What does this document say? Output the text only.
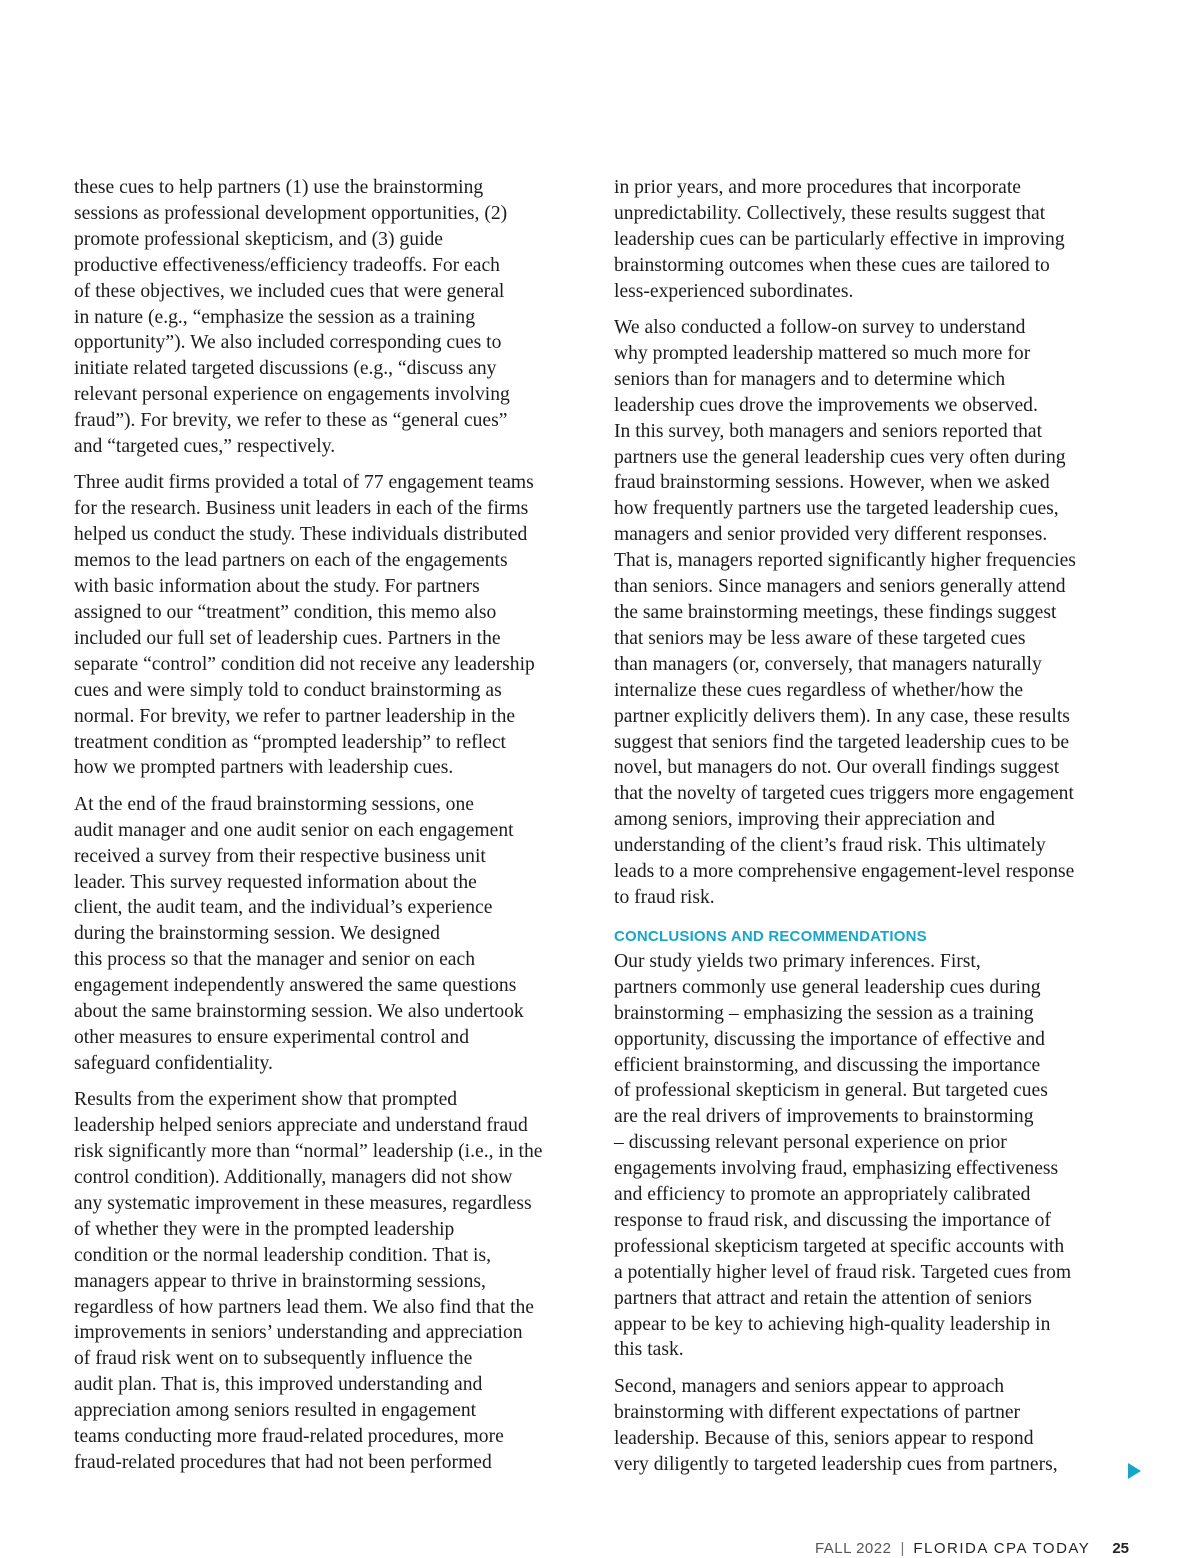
these cues to help partners (1) use the brainstorming
sessions as professional development opportunities, (2)
promote professional skepticism, and (3) guide
productive effectiveness/efficiency tradeoffs. For each
of these objectives, we included cues that were general
in nature (e.g., “emphasize the session as a training
opportunity”). We also included corresponding cues to
initiate related targeted discussions (e.g., “discuss any
relevant personal experience on engagements involving
fraud”). For brevity, we refer to these as “general cues”
and “targeted cues,” respectively.

Three audit firms provided a total of 77 engagement teams
for the research. Business unit leaders in each of the firms
helped us conduct the study. These individuals distributed
memos to the lead partners on each of the engagements
with basic information about the study. For partners
assigned to our “treatment” condition, this memo also
included our full set of leadership cues. Partners in the
separate “control” condition did not receive any leadership
cues and were simply told to conduct brainstorming as
normal. For brevity, we refer to partner leadership in the
treatment condition as “prompted leadership” to reflect
how we prompted partners with leadership cues.

At the end of the fraud brainstorming sessions, one
audit manager and one audit senior on each engagement
received a survey from their respective business unit
leader. This survey requested information about the
client, the audit team, and the individual’s experience
during the brainstorming session. We designed
this process so that the manager and senior on each
engagement independently answered the same questions
about the same brainstorming session. We also undertook
other measures to ensure experimental control and
safeguard confidentiality.

Results from the experiment show that prompted
leadership helped seniors appreciate and understand fraud
risk significantly more than “normal” leadership (i.e., in the
control condition). Additionally, managers did not show
any systematic improvement in these measures, regardless
of whether they were in the prompted leadership
condition or the normal leadership condition. That is,
managers appear to thrive in brainstorming sessions,
regardless of how partners lead them. We also find that the
improvements in seniors’ understanding and appreciation
of fraud risk went on to subsequently influence the
audit plan. That is, this improved understanding and
appreciation among seniors resulted in engagement
teams conducting more fraud-related procedures, more
fraud-related procedures that had not been performed

in prior years, and more procedures that incorporate
unpredictability. Collectively, these results suggest that
leadership cues can be particularly effective in improving
brainstorming outcomes when these cues are tailored to
less-experienced subordinates.

We also conducted a follow-on survey to understand
why prompted leadership mattered so much more for
seniors than for managers and to determine which
leadership cues drove the improvements we observed.
In this survey, both managers and seniors reported that
partners use the general leadership cues very often during
fraud brainstorming sessions. However, when we asked
how frequently partners use the targeted leadership cues,
managers and senior provided very different responses.
That is, managers reported significantly higher frequencies
than seniors. Since managers and seniors generally attend
the same brainstorming meetings, these findings suggest
that seniors may be less aware of these targeted cues
than managers (or, conversely, that managers naturally
internalize these cues regardless of whether/how the
partner explicitly delivers them). In any case, these results
suggest that seniors find the targeted leadership cues to be
novel, but managers do not. Our overall findings suggest
that the novelty of targeted cues triggers more engagement
among seniors, improving their appreciation and
understanding of the client’s fraud risk. This ultimately
leads to a more comprehensive engagement-level response
to fraud risk.

CONCLUSIONS AND RECOMMENDATIONS

Our study yields two primary inferences. First,
partners commonly use general leadership cues during
brainstorming – emphasizing the session as a training
opportunity, discussing the importance of effective and
efficient brainstorming, and discussing the importance
of professional skepticism in general. But targeted cues
are the real drivers of improvements to brainstorming
– discussing relevant personal experience on prior
engagements involving fraud, emphasizing effectiveness
and efficiency to promote an appropriately calibrated
response to fraud risk, and discussing the importance of
professional skepticism targeted at specific accounts with
a potentially higher level of fraud risk. Targeted cues from
partners that attract and retain the attention of seniors
appear to be key to achieving high-quality leadership in
this task.

Second, managers and seniors appear to approach
brainstorming with different expectations of partner
leadership. Because of this, seniors appear to respond
very diligently to targeted leadership cues from partners,

FALL 2022 | FLORIDA CPA TODAY 25
